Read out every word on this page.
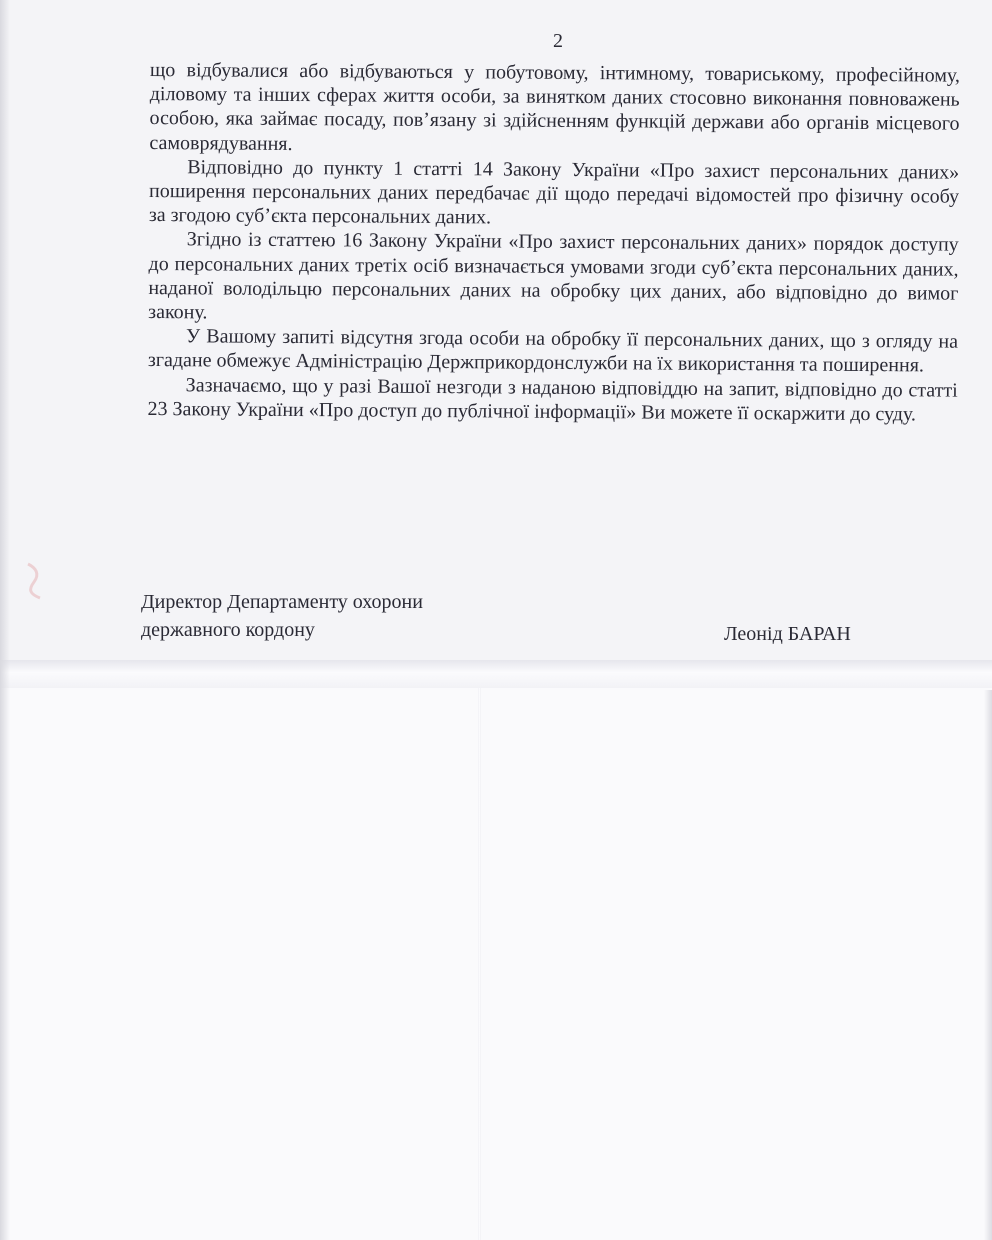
2

що відбувалися або відбуваються у побутовому, інтимному, товариському, професійному, діловому та інших сферах життя особи, за винятком даних стосовно виконання повноважень особою, яка займає посаду, пов’язану зі здійсненням функцій держави або органів місцевого самоврядування.

Відповідно до пункту 1 статті 14 Закону України «Про захист персональних даних» поширення персональних даних передбачає дії щодо передачі відомостей про фізичну особу за згодою суб’єкта персональних даних.

Згідно із статтею 16 Закону України «Про захист персональних даних» порядок доступу до персональних даних третіх осіб визначається умовами згоди суб’єкта персональних даних, наданої володільцю персональних даних на обробку цих даних, або відповідно до вимог закону.

У Вашому запиті відсутня згода особи на обробку її персональних даних, що з огляду на згадане обмежує Адміністрацію Держприкордонслужби на їх використання та поширення.

Зазначаємо, що у разі Вашої незгоди з наданою відповіддю на запит, відповідно до статті 23 Закону України «Про доступ до публічної інформації» Ви можете її оскаржити до суду.

Директор Департаменту охорони
державного кордону	Леонід БАРАН
